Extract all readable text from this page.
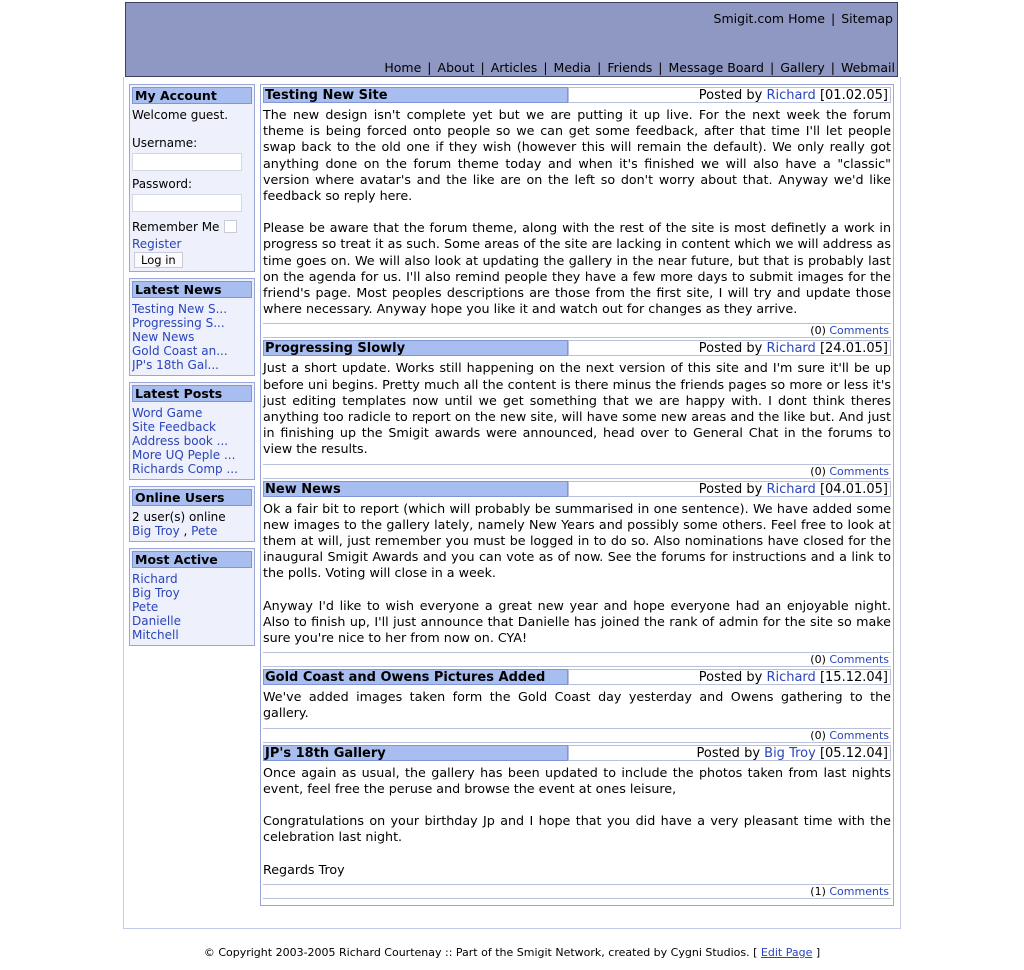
Smigit.com Home | Sitemap
Home | About | Articles | Media | Friends | Message Board | Gallery | Webmail
My Account
Welcome guest.
Username:
Password:
Remember Me
Register
Log in
Latest News
Testing New S...
Progressing S...
New News
Gold Coast an...
JP's 18th Gal...
Latest Posts
Word Game
Site Feedback
Address book ...
More UQ Peple ...
Richards Comp ...
Online Users
2 user(s) online
Big Troy , Pete
Most Active
Richard
Big Troy
Pete
Danielle
Mitchell
Testing New Site	Posted by Richard [01.02.05]

The new design isn't complete yet but we are putting it up live. For the next week the forum theme is being forced onto people so we can get some feedback, after that time I'll let people swap back to the old one if they wish (however this will remain the default). We only really got anything done on the forum theme today and when it's finished we will also have a "classic" version where avatar's and the like are on the left so don't worry about that. Anyway we'd like feedback so reply here.

Please be aware that the forum theme, along with the rest of the site is most definetly a work in progress so treat it as such. Some areas of the site are lacking in content which we will address as time goes on. We will also look at updating the gallery in the near future, but that is probably last on the agenda for us. I'll also remind people they have a few more days to submit images for the friend's page. Most peoples descriptions are those from the first site, I will try and update those where necessary. Anyway hope you like it and watch out for changes as they arrive.

(0) Comments
Progressing Slowly	Posted by Richard [24.01.05]

Just a short update. Works still happening on the next version of this site and I'm sure it'll be up before uni begins. Pretty much all the content is there minus the friends pages so more or less it's just editing templates now until we get something that we are happy with. I dont think theres anything too radicle to report on the new site, will have some new areas and the like but. And just in finishing up the Smigit awards were announced, head over to General Chat in the forums to view the results.

(0) Comments
New News	Posted by Richard [04.01.05]

Ok a fair bit to report (which will probably be summarised in one sentence). We have added some new images to the gallery lately, namely New Years and possibly some others. Feel free to look at them at will, just remember you must be logged in to do so. Also nominations have closed for the inaugural Smigit Awards and you can vote as of now. See the forums for instructions and a link to the polls. Voting will close in a week.

Anyway I'd like to wish everyone a great new year and hope everyone had an enjoyable night. Also to finish up, I'll just announce that Danielle has joined the rank of admin for the site so make sure you're nice to her from now on. CYA!

(0) Comments
Gold Coast and Owens Pictures Added	Posted by Richard [15.12.04]

We've added images taken form the Gold Coast day yesterday and Owens gathering to the gallery.

(0) Comments
JP's 18th Gallery	Posted by Big Troy [05.12.04]

Once again as usual, the gallery has been updated to include the photos taken from last nights event, feel free the peruse and browse the event at ones leisure,

Congratulations on your birthday Jp and I hope that you did have a very pleasant time with the celebration last night.

Regards Troy

(1) Comments
© Copyright 2003-2005 Richard Courtenay :: Part of the Smigit Network, created by Cygni Studios. [ Edit Page ]
